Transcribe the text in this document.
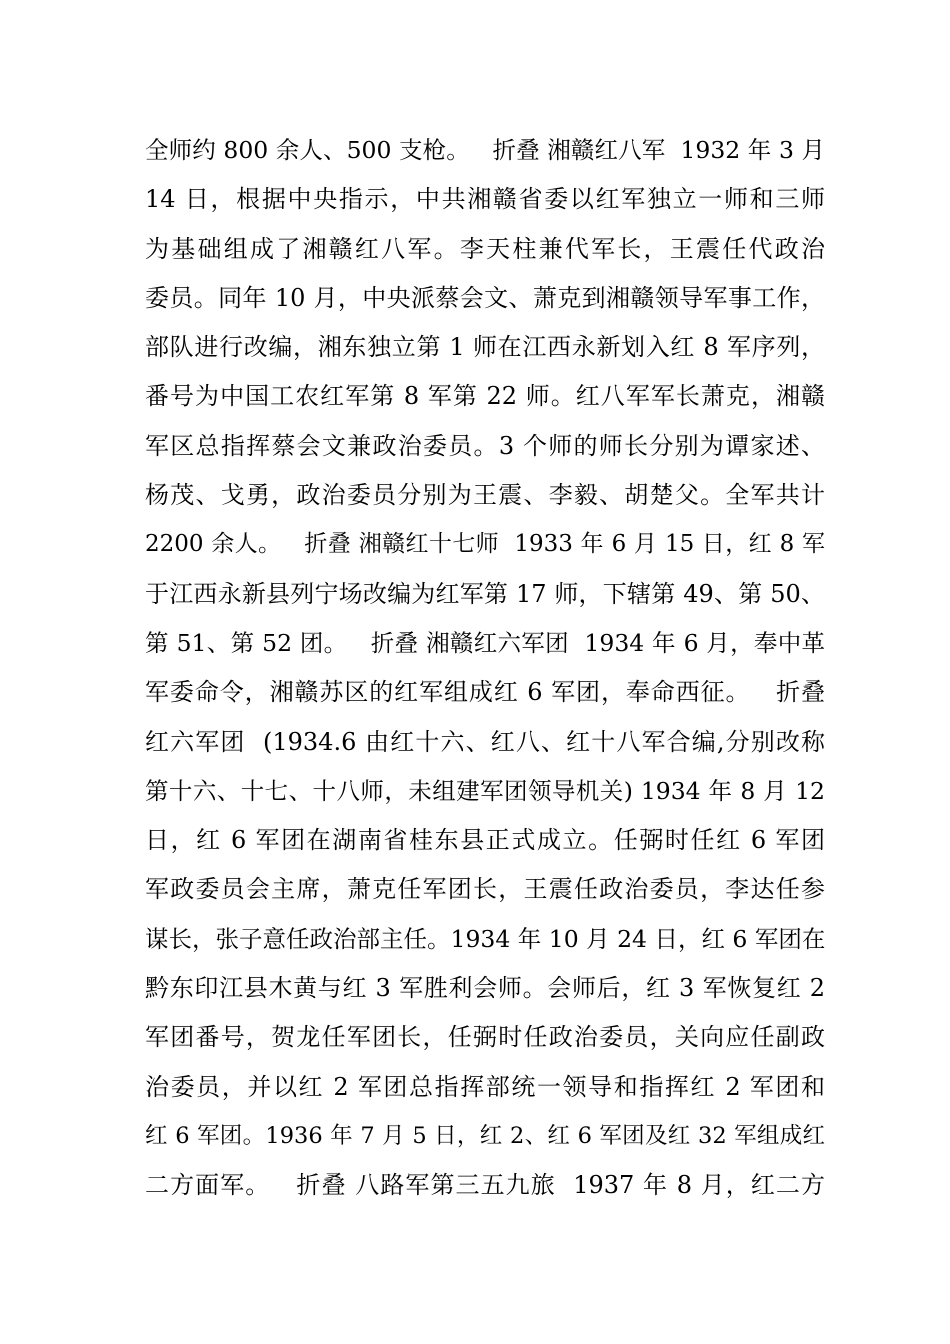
全师约 800 余人、500 支枪。   折叠 湘赣红八军  1932 年 3 月
14 日，根据中央指示，中共湘赣省委以红军独立一师和三师
为基础组成了湘赣红八军。李天柱兼代军长，王震任代政治
委员。同年 10 月，中央派蔡会文、萧克到湘赣领导军事工作，
部队进行改编，湘东独立第 1 师在江西永新划入红 8 军序列，
番号为中国工农红军第 8 军第 22 师。红八军军长萧克，湘赣
军区总指挥蔡会文兼政治委员。3 个师的师长分别为谭家述、
杨茂、戈勇，政治委员分别为王震、李毅、胡楚父。全军共计
2200 余人。   折叠 湘赣红十七师  1933 年 6 月 15 日，红 8 军
于江西永新县列宁场改编为红军第 17 师，下辖第 49、第 50、
第 51、第 52 团。   折叠 湘赣红六军团  1934 年 6 月，奉中革
军委命令，湘赣苏区的红军组成红 6 军团，奉命西征。   折叠
红六军团  (1934.6 由红十六、红八、红十八军合编,分别改称
第十六、十七、十八师，未组建军团领导机关) 1934 年 8 月 12
日，红 6 军团在湖南省桂东县正式成立。任弼时任红 6 军团
军政委员会主席，萧克任军团长，王震任政治委员，李达任参
谋长，张子意任政治部主任。1934 年 10 月 24 日，红 6 军团在
黔东印江县木黄与红 3 军胜利会师。会师后，红 3 军恢复红 2
军团番号，贺龙任军团长，任弼时任政治委员，关向应任副政
治委员，并以红 2 军团总指挥部统一领导和指挥红 2 军团和
红 6 军团。1936 年 7 月 5 日，红 2、红 6 军团及红 32 军组成红
二方面军。   折叠 八路军第三五九旅  1937 年 8 月，红二方
